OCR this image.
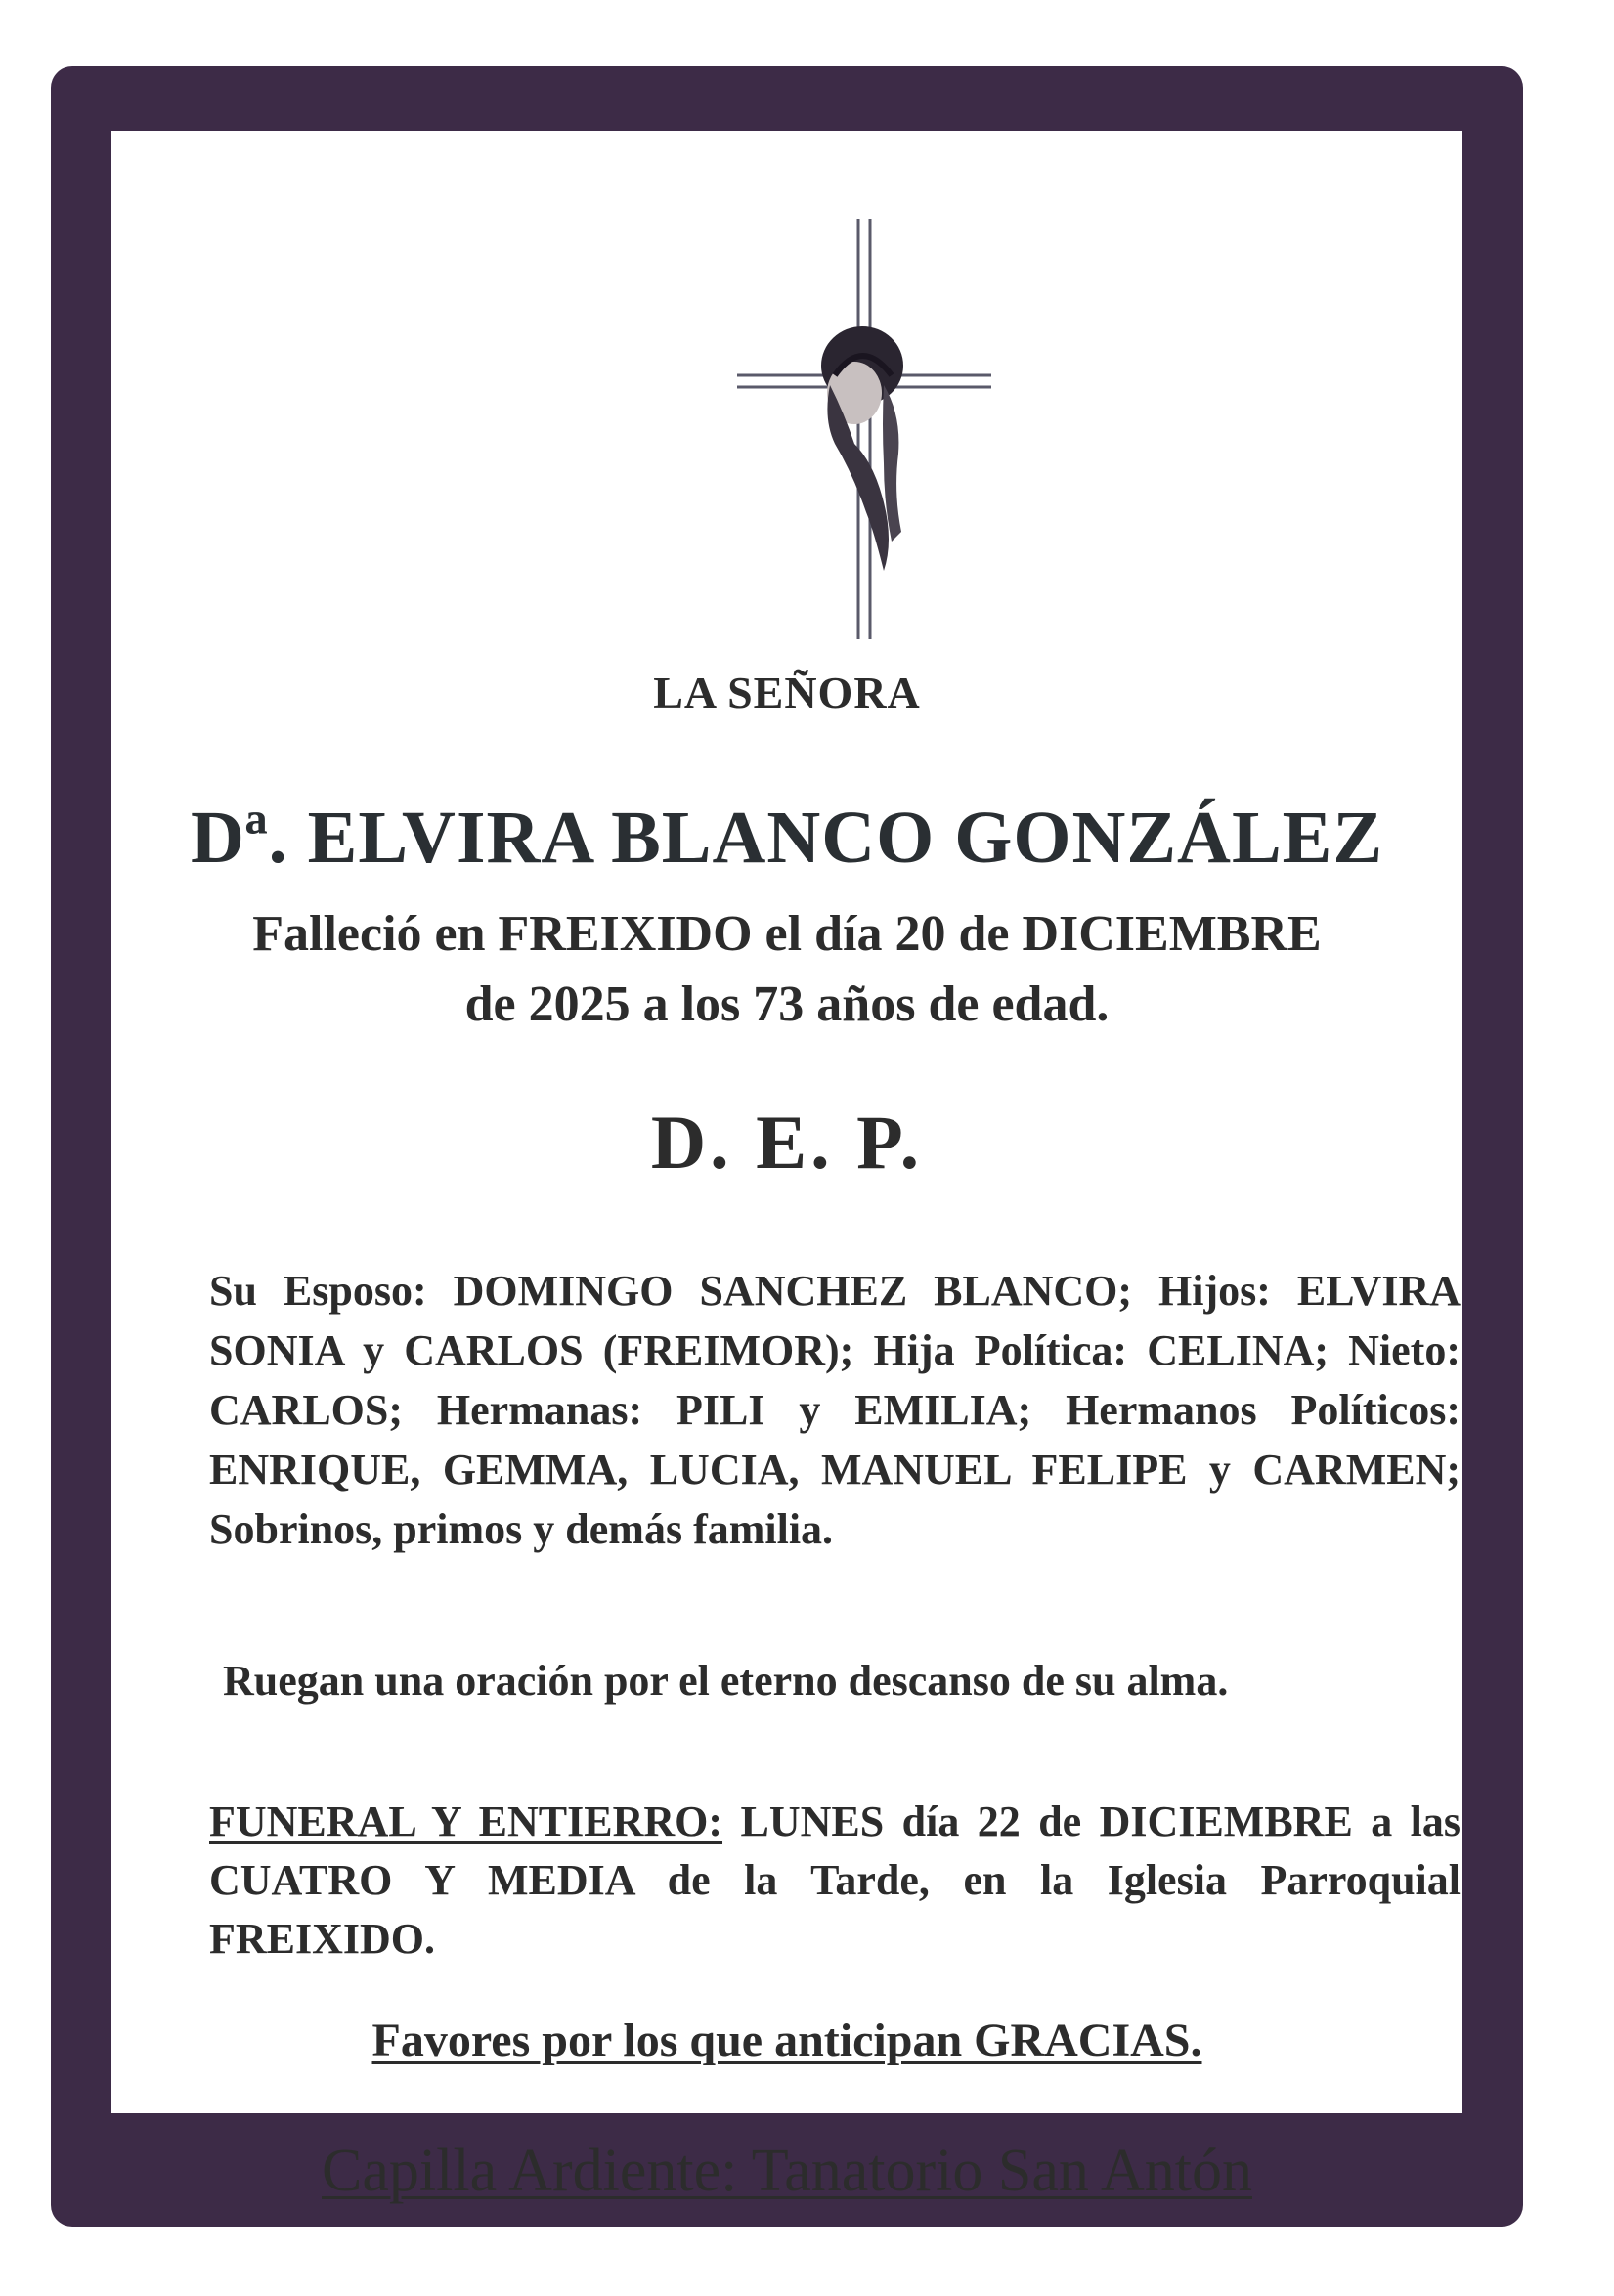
LA SEÑORA
Dª. ELVIRA BLANCO GONZÁLEZ
Falleció en FREIXIDO el día 20 de DICIEMBRE
de 2025 a los 73 años de edad.
D. E. P.
Su Esposo: DOMINGO SANCHEZ BLANCO; Hijos: ELVIRA SONIA y CARLOS (FREIMOR); Hija Política: CELINA; Nieto: CARLOS; Hermanas: PILI y EMILIA; Hermanos Políticos: ENRIQUE, GEMMA, LUCIA, MANUEL FELIPE y CARMEN; Sobrinos, primos y demás familia.
Ruegan una oración por el eterno descanso de su alma.
FUNERAL Y ENTIERRO: LUNES día 22 de DICIEMBRE a las CUATRO Y MEDIA de la Tarde, en la Iglesia Parroquial FREIXIDO.
Favores por los que anticipan GRACIAS.
Capilla Ardiente: Tanatorio San Antón
WWW.TANATORIOSANANTON.COM - A RÚA TFNO  988 336 056
